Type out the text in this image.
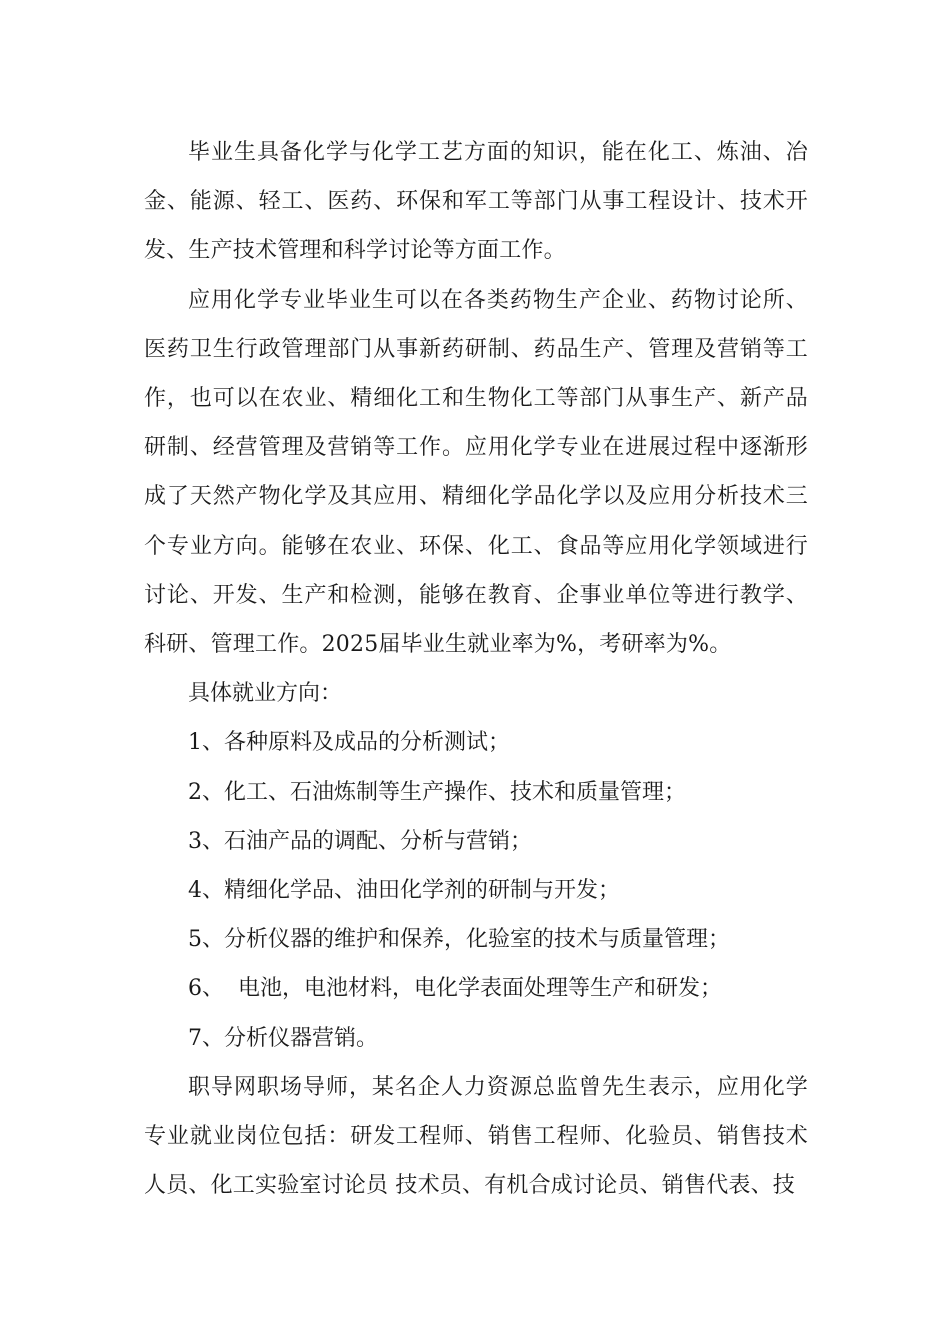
毕业生具备化学与化学工艺方面的知识，能在化工、炼油、冶金、能源、轻工、医药、环保和军工等部门从事工程设计、技术开发、生产技术管理和科学讨论等方面工作。

应用化学专业毕业生可以在各类药物生产企业、药物讨论所、医药卫生行政管理部门从事新药研制、药品生产、管理及营销等工作，也可以在农业、精细化工和生物化工等部门从事生产、新产品研制、经营管理及营销等工作。应用化学专业在进展过程中逐渐形成了天然产物化学及其应用、精细化学品化学以及应用分析技术三个专业方向。能够在农业、环保、化工、食品等应用化学领域进行讨论、开发、生产和检测，能够在教育、企事业单位等进行教学、科研、管理工作。2025届毕业生就业率为%，考研率为%。

具体就业方向：

1、各种原料及成品的分析测试；

2、化工、石油炼制等生产操作、技术和质量管理；

3、石油产品的调配、分析与营销；

4、精细化学品、油田化学剂的研制与开发；

5、分析仪器的维护和保养，化验室的技术与质量管理；

6、  电池，电池材料，电化学表面处理等生产和研发；

7、分析仪器营销。

职导网职场导师，某名企人力资源总监曾先生表示，应用化学专业就业岗位包括：研发工程师、销售工程师、化验员、销售技术人员、化工实验室讨论员 技术员、有机合成讨论员、销售代表、技
